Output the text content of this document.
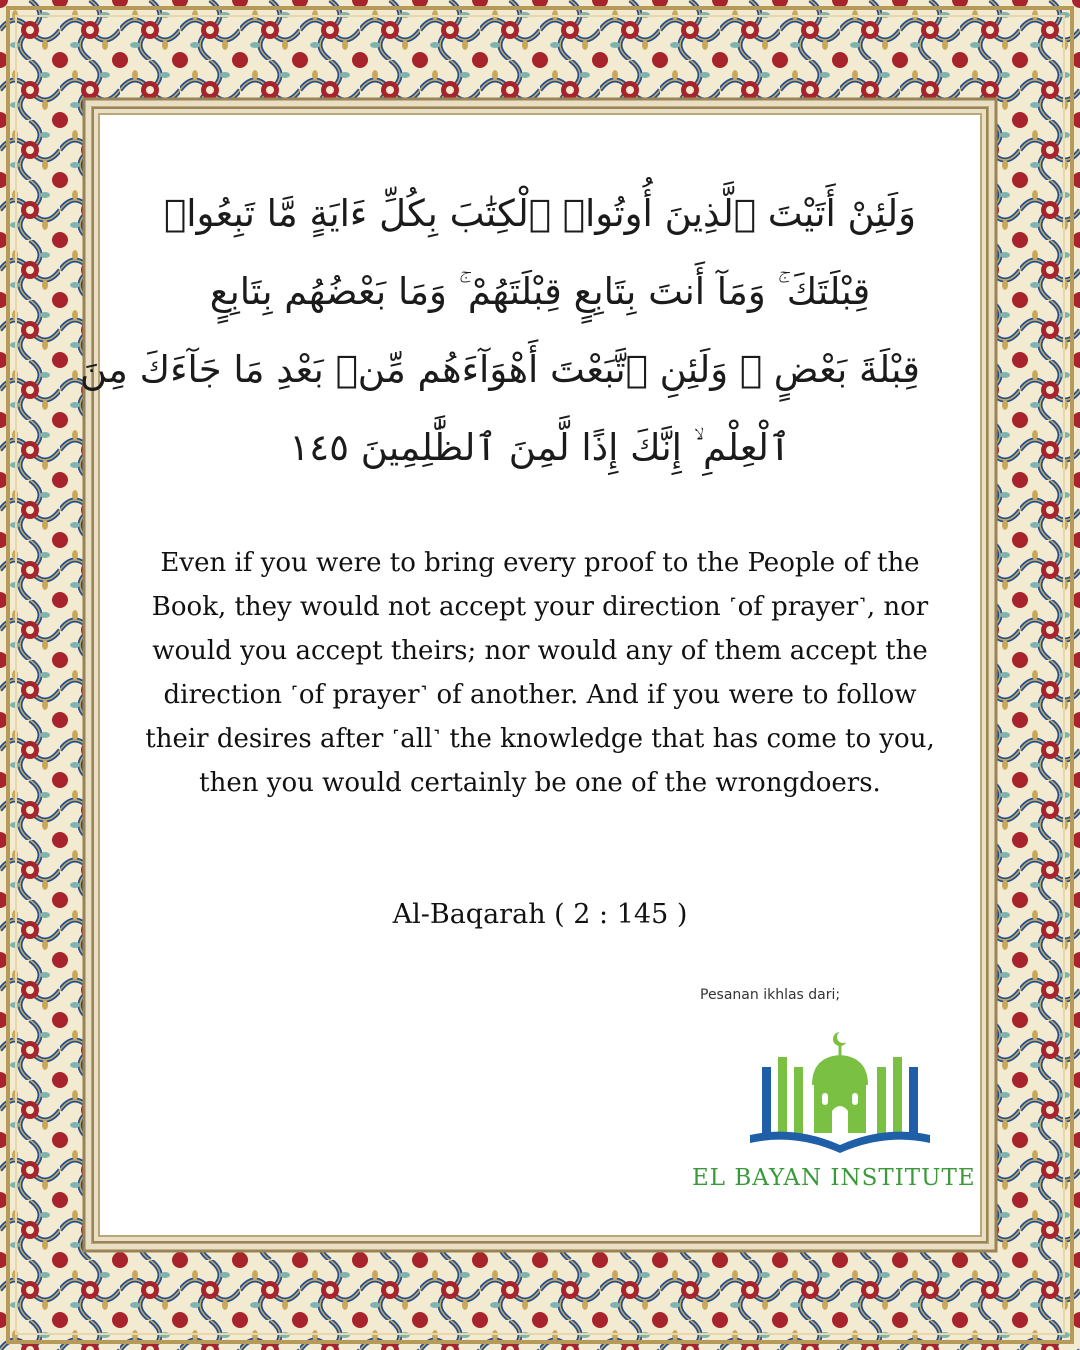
وَلَئِنْ أَتَيْتَ ٱلَّذِينَ أُوتُوا۟ ٱلْكِتَٰبَ بِكُلِّ ءَايَةٍ مَّا تَبِعُوا۟
قِبْلَتَكَ ۚ وَمَآ أَنتَ بِتَابِعٍ قِبْلَتَهُمْ ۚ وَمَا بَعْضُهُم بِتَابِعٍ
قِبْلَةَ بَعْضٍ ۚ وَلَئِنِ ٱتَّبَعْتَ أَهْوَآءَهُم مِّنۢ بَعْدِ مَا جَآءَكَ مِنَ
ٱلْعِلْمِ ۙ إِنَّكَ إِذًا لَّمِنَ ٱلظَّٰلِمِينَ ١٤٥
Even if you were to bring every proof to the People of the
Book, they would not accept your direction ˹of prayer˺, nor
would you accept theirs; nor would any of them accept the
direction ˹of prayer˺ of another. And if you were to follow
their desires after ˹all˺ the knowledge that has come to you,
then you would certainly be one of the wrongdoers.
Al-Baqarah ( 2 : 145 )
Pesanan ikhlas dari;
EL BAYAN INSTITUTE
